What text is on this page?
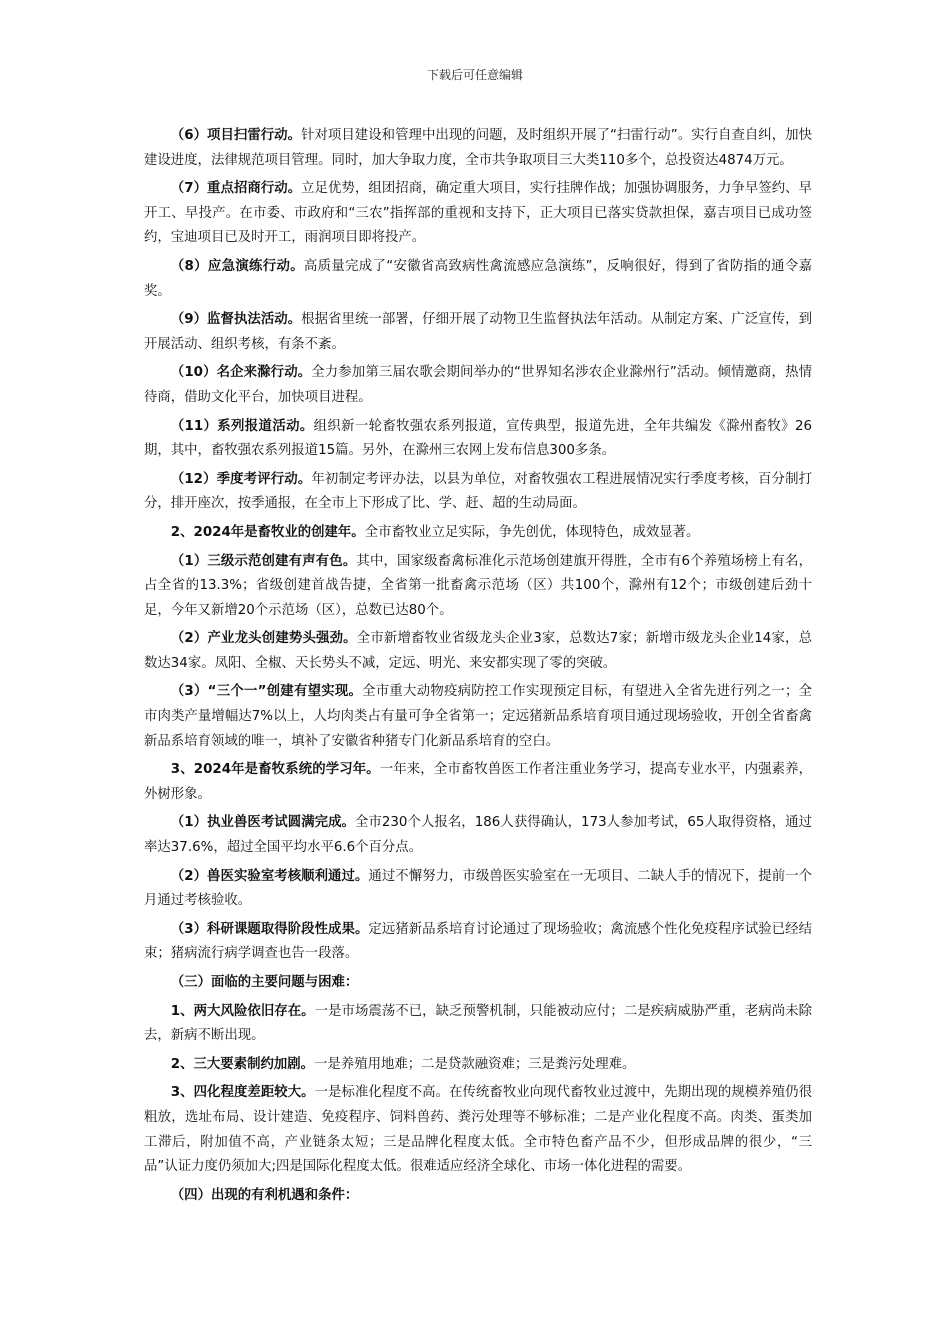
下载后可任意编辑

（6）项目扫雷行动。针对项目建设和管理中出现的问题，及时组织开展了“扫雷行动”。实行自查自纠，加快建设进度，法律规范项目管理。同时，加大争取力度，全市共争取项目三大类110多个，总投资达4874万元。

（7）重点招商行动。立足优势，组团招商，确定重大项目，实行挂牌作战；加强协调服务，力争早签约、早开工、早投产。在市委、市政府和“三农”指挥部的重视和支持下，正大项目已落实贷款担保，嘉吉项目已成功签约，宝迪项目已及时开工，雨润项目即将投产。

（8）应急演练行动。高质量完成了“安徽省高致病性禽流感应急演练”，反响很好，得到了省防指的通令嘉奖。

（9）监督执法活动。根据省里统一部署，仔细开展了动物卫生监督执法年活动。从制定方案、广泛宣传，到开展活动、组织考核，有条不紊。

（10）名企来滁行动。全力参加第三届农歌会期间举办的“世界知名涉农企业滁州行”活动。倾情邀商，热情待商，借助文化平台，加快项目进程。

（11）系列报道活动。组织新一轮畜牧强农系列报道，宣传典型，报道先进，全年共编发《滁州畜牧》26期，其中，畜牧强农系列报道15篇。另外，在滁州三农网上发布信息300多条。

（12）季度考评行动。年初制定考评办法，以县为单位，对畜牧强农工程进展情况实行季度考核，百分制打分，排开座次，按季通报，在全市上下形成了比、学、赶、超的生动局面。

2、2024年是畜牧业的创建年。全市畜牧业立足实际，争先创优，体现特色，成效显著。

（1）三级示范创建有声有色。其中，国家级畜禽标准化示范场创建旗开得胜，全市有6个养殖场榜上有名，占全省的13.3%；省级创建首战告捷，全省第一批畜禽示范场（区）共100个，滁州有12个；市级创建后劲十足，今年又新增20个示范场（区），总数已达80个。

（2）产业龙头创建势头强劲。全市新增畜牧业省级龙头企业3家，总数达7家；新增市级龙头企业14家，总数达34家。凤阳、全椒、天长势头不减，定远、明光、来安都实现了零的突破。

（3）“三个一”创建有望实现。全市重大动物疫病防控工作实现预定目标，有望进入全省先进行列之一；全市肉类产量增幅达7%以上，人均肉类占有量可争全省第一；定远猪新品系培育项目通过现场验收，开创全省畜禽新品系培育领域的唯一，填补了安徽省种猪专门化新品系培育的空白。

3、2024年是畜牧系统的学习年。一年来，全市畜牧兽医工作者注重业务学习，提高专业水平，内强素养，外树形象。

（1）执业兽医考试圆满完成。全市230个人报名，186人获得确认，173人参加考试，65人取得资格，通过率达37.6%，超过全国平均水平6.6个百分点。

（2）兽医实验室考核顺利通过。通过不懈努力，市级兽医实验室在一无项目、二缺人手的情况下，提前一个月通过考核验收。

（3）科研课题取得阶段性成果。定远猪新品系培育讨论通过了现场验收；禽流感个性化免疫程序试验已经结束；猪病流行病学调查也告一段落。

（三）面临的主要问题与困难：

1、两大风险依旧存在。一是市场震荡不已，缺乏预警机制，只能被动应付；二是疾病威胁严重，老病尚未除去，新病不断出现。

2、三大要素制约加剧。一是养殖用地难；二是贷款融资难；三是粪污处理难。

3、四化程度差距较大。一是标准化程度不高。在传统畜牧业向现代畜牧业过渡中，先期出现的规模养殖仍很粗放，选址布局、设计建造、免疫程序、饲料兽药、粪污处理等不够标准；二是产业化程度不高。肉类、蛋类加工滞后，附加值不高，产业链条太短；三是品牌化程度太低。全市特色畜产品不少，但形成品牌的很少，“三品”认证力度仍须加大;四是国际化程度太低。很难适应经济全球化、市场一体化进程的需要。

（四）出现的有利机遇和条件：
